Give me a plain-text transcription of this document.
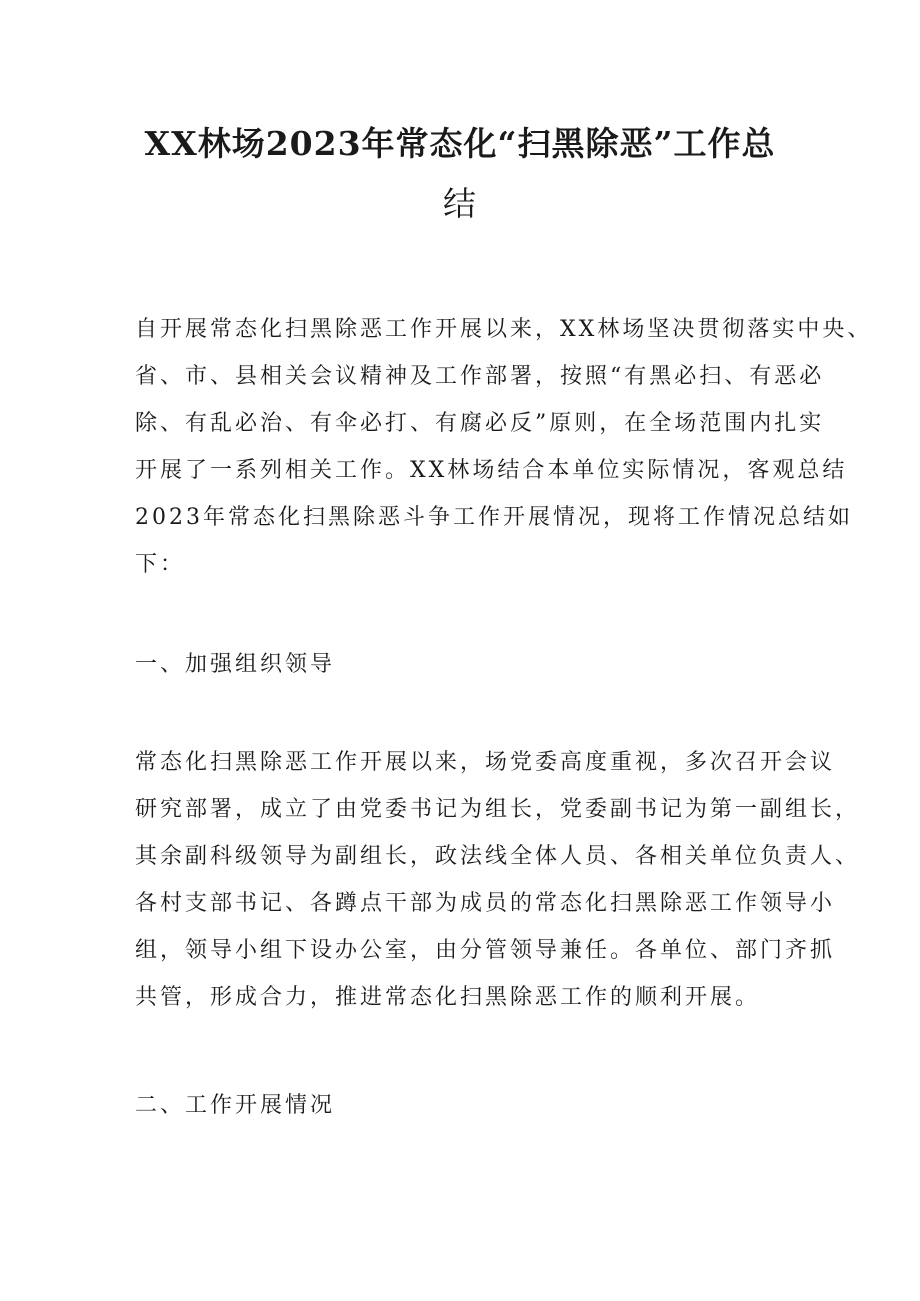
XX林场2023年常态化“扫黑除恶”工作总
结
自开展常态化扫黑除恶工作开展以来，XX林场坚决贯彻落实中央、
省、市、县相关会议精神及工作部署，按照“有黑必扫、有恶必
除、有乱必治、有伞必打、有腐必反”原则，在全场范围内扎实
开展了一系列相关工作。XX林场结合本单位实际情况，客观总结
2023年常态化扫黑除恶斗争工作开展情况，现将工作情况总结如
下：
一、加强组织领导
常态化扫黑除恶工作开展以来，场党委高度重视，多次召开会议
研究部署，成立了由党委书记为组长，党委副书记为第一副组长，
其余副科级领导为副组长，政法线全体人员、各相关单位负责人、
各村支部书记、各蹲点干部为成员的常态化扫黑除恶工作领导小
组，领导小组下设办公室，由分管领导兼任。各单位、部门齐抓
共管，形成合力，推进常态化扫黑除恶工作的顺利开展。
二、工作开展情况
